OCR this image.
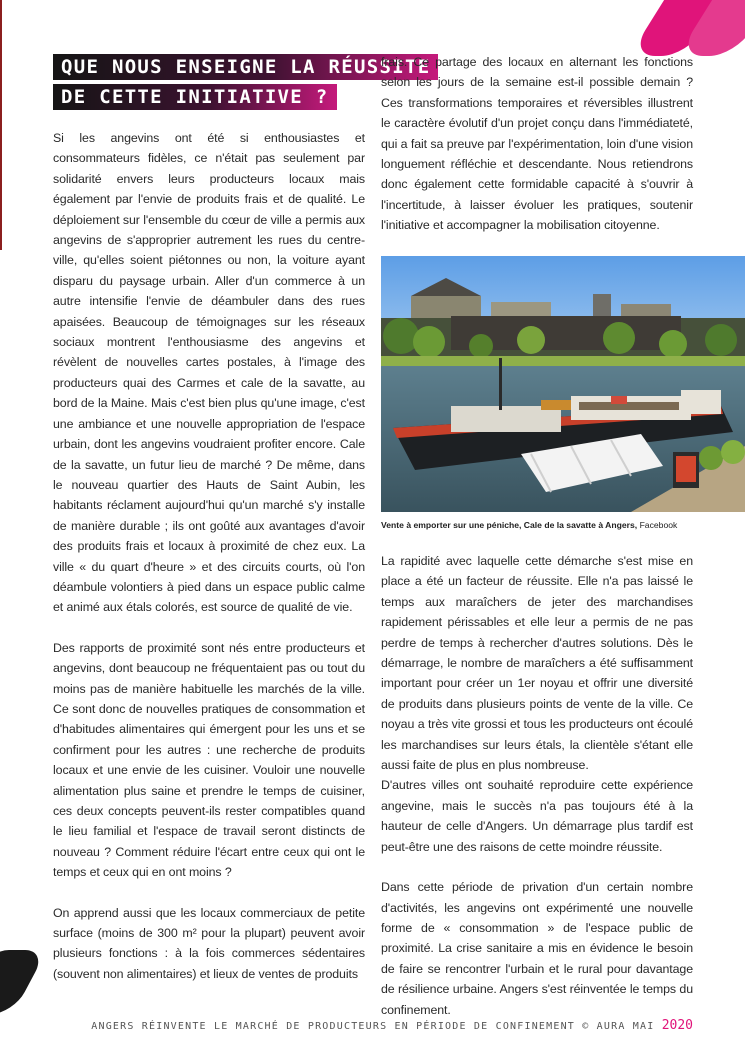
QUE NOUS ENSEIGNE LA RÉUSSITE
DE CETTE INITIATIVE ?

Si les angevins ont été si enthousiastes et consommateurs fidèles, ce n'était pas seulement par solidarité envers leurs producteurs locaux mais également par l'envie de produits frais et de qualité. Le déploiement sur l'ensemble du cœur de ville a permis aux angevins de s'approprier autrement les rues du centre-ville, qu'elles soient piétonnes ou non, la voiture ayant disparu du paysage urbain. Aller d'un commerce à un autre intensifie l'envie de déambuler dans des rues apaisées. Beaucoup de témoignages sur les réseaux sociaux montrent l'enthousiasme des angevins et révèlent de nouvelles cartes postales, à l'image des producteurs quai des Carmes et cale de la savatte, au bord de la Maine. Mais c'est bien plus qu'une image, c'est une ambiance et une nouvelle appropriation de l'espace urbain, dont les angevins voudraient profiter encore. Cale de la savatte, un futur lieu de marché ? De même, dans le nouveau quartier des Hauts de Saint Aubin, les habitants réclament aujourd'hui qu'un marché s'y installe de manière durable ; ils ont goûté aux avantages d'avoir des produits frais et locaux à proximité de chez eux. La ville « du quart d'heure » et des circuits courts, où l'on déambule volontiers à pied dans un espace public calme et animé aux étals colorés, est source de qualité de vie.

Des rapports de proximité sont nés entre producteurs et angevins, dont beaucoup ne fréquentaient pas ou tout du moins pas de manière habituelle les marchés de la ville. Ce sont donc de nouvelles pratiques de consommation et d'habitudes alimentaires qui émergent pour les uns et se confirment pour les autres : une recherche de produits locaux et une envie de les cuisiner. Vouloir une nouvelle alimentation plus saine et prendre le temps de cuisiner, ces deux concepts peuvent-ils rester compatibles quand le lieu familial et l'espace de travail seront distincts de nouveau ? Comment réduire l'écart entre ceux qui ont le temps et ceux qui en ont moins ?

On apprend aussi que les locaux commerciaux de petite surface (moins de 300 m² pour la plupart) peuvent avoir plusieurs fonctions : à la fois commerces sédentaires (souvent non alimentaires) et lieux de ventes de produits

frais. Ce partage des locaux en alternant les fonctions selon les jours de la semaine est-il possible demain ? Ces transformations temporaires et réversibles illustrent le caractère évolutif d'un projet conçu dans l'immédiateté, qui a fait sa preuve par l'expérimentation, loin d'une vision longuement réfléchie et descendante. Nous retiendrons donc également cette formidable capacité à s'ouvrir à l'incertitude, à laisser évoluer les pratiques, soutenir l'initiative et accompagner la mobilisation citoyenne.

Vente à emporter sur une péniche, Cale de la savatte à Angers, Facebook

La rapidité avec laquelle cette démarche s'est mise en place a été un facteur de réussite. Elle n'a pas laissé le temps aux maraîchers de jeter des marchandises rapidement périssables et elle leur a permis de ne pas perdre de temps à rechercher d'autres solutions. Dès le démarrage, le nombre de maraîchers a été suffisamment important pour créer un 1er noyau et offrir une diversité de produits dans plusieurs points de vente de la ville. Ce noyau a très vite grossi et tous les producteurs ont écoulé les marchandises sur leurs étals, la clientèle s'étant elle aussi faite de plus en plus nombreuse.

D'autres villes ont souhaité reproduire cette expérience angevine, mais le succès n'a pas toujours été à la hauteur de celle d'Angers. Un démarrage plus tardif est peut-être une des raisons de cette moindre réussite.

Dans cette période de privation d'un certain nombre d'activités, les angevins ont expérimenté une nouvelle forme de « consommation » de l'espace public de proximité. La crise sanitaire a mis en évidence le besoin de faire se rencontrer l'urbain et le rural pour davantage de résilience urbaine. Angers s'est réinventée le temps du confinement.

ANGERS RÉINVENTE LE MARCHÉ DE PRODUCTEURS EN PÉRIODE DE CONFINEMENT © AURA MAI 2020
